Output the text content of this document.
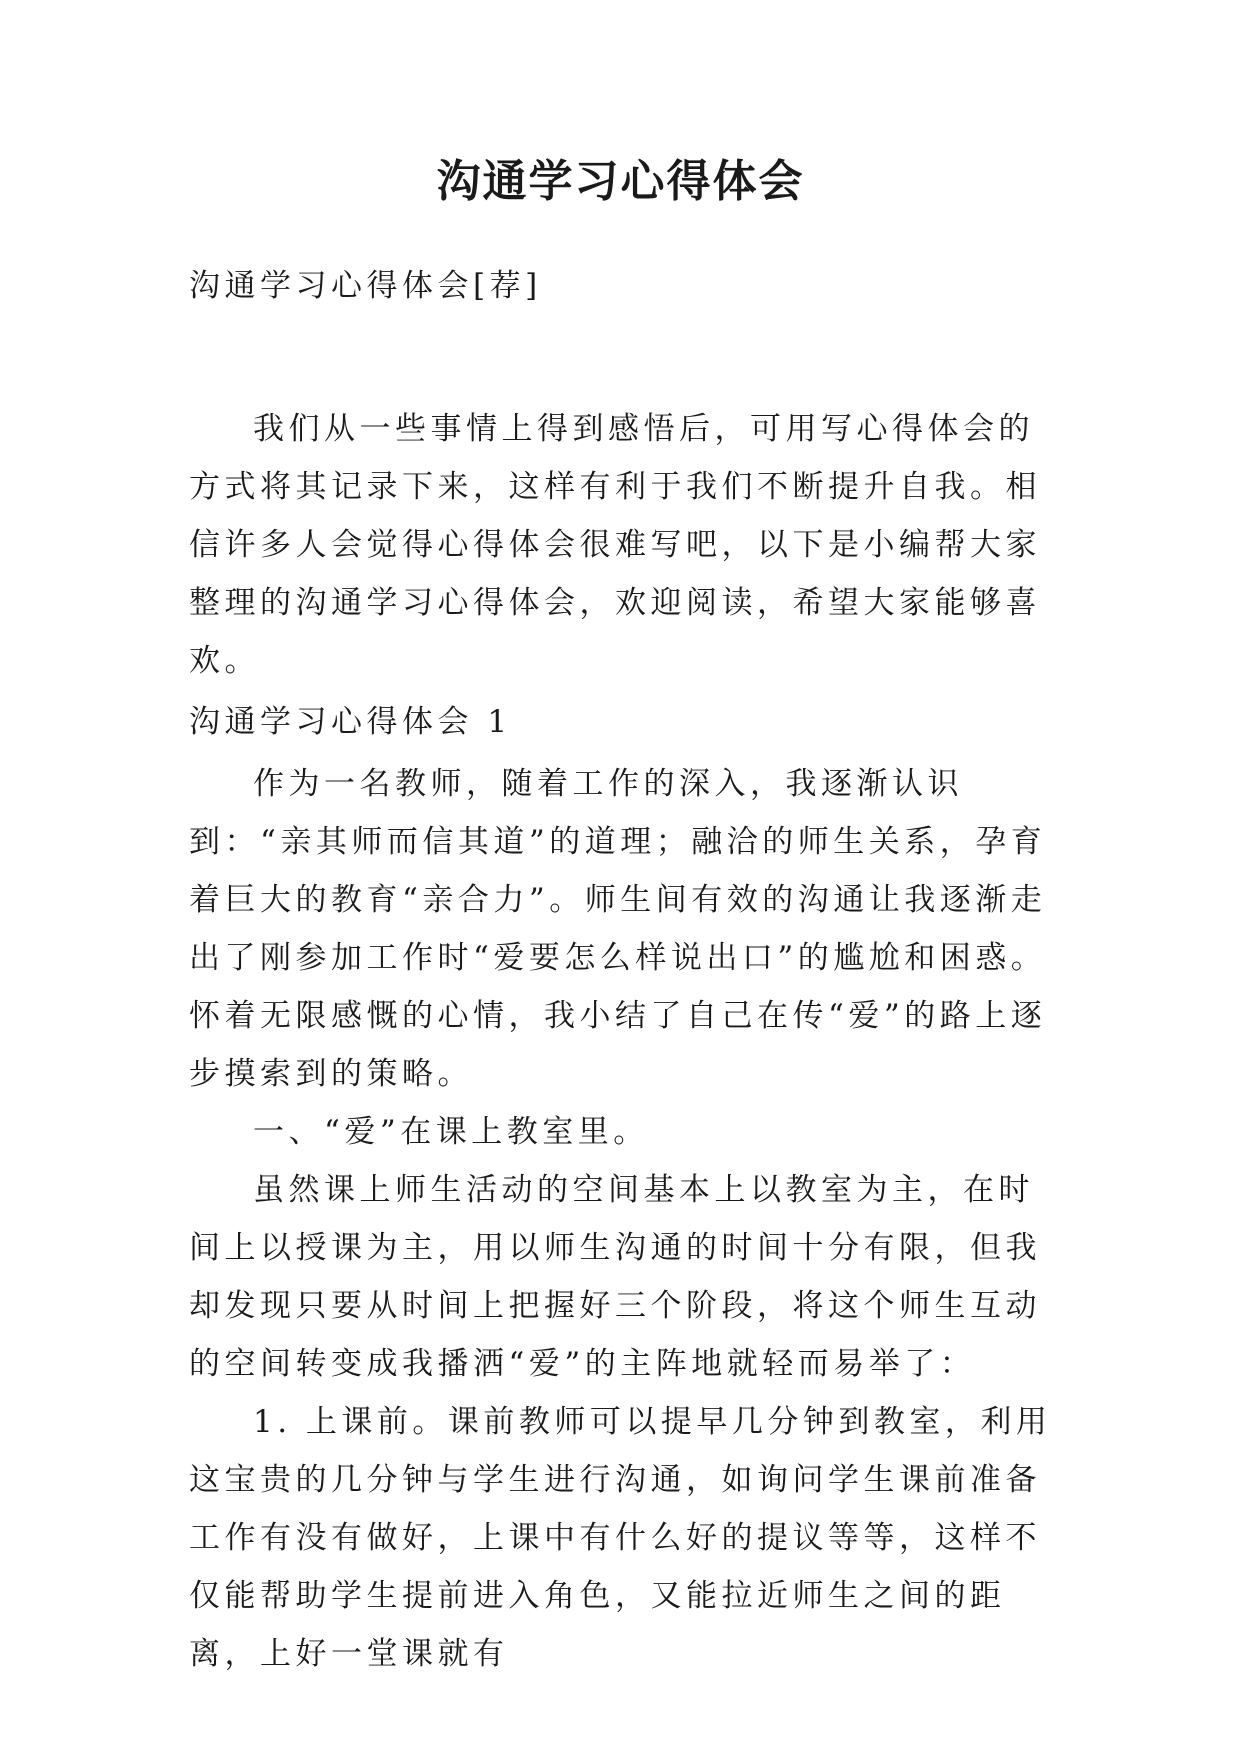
沟通学习心得体会

沟通学习心得体会[荐]

我们从一些事情上得到感悟后，可用写心得体会的方式将其记录下来，这样有利于我们不断提升自我。相信许多人会觉得心得体会很难写吧，以下是小编帮大家整理的沟通学习心得体会，欢迎阅读，希望大家能够喜欢。

沟通学习心得体会 1

作为一名教师，随着工作的深入，我逐渐认识到：“亲其师而信其道”的道理；融洽的师生关系，孕育着巨大的教育“亲合力”。师生间有效的沟通让我逐渐走出了刚参加工作时“爱要怎么样说出口”的尴尬和困惑。怀着无限感慨的心情，我小结了自己在传“爱”的路上逐步摸索到的策略。

一、“爱”在课上教室里。

虽然课上师生活动的空间基本上以教室为主，在时间上以授课为主，用以师生沟通的时间十分有限，但我却发现只要从时间上把握好三个阶段，将这个师生互动的空间转变成我播洒“爱”的主阵地就轻而易举了：

1. 上课前。课前教师可以提早几分钟到教室，利用这宝贵的几分钟与学生进行沟通，如询问学生课前准备工作有没有做好，上课中有什么好的提议等等，这样不仅能帮助学生提前进入角色，又能拉近师生之间的距离，上好一堂课就有
